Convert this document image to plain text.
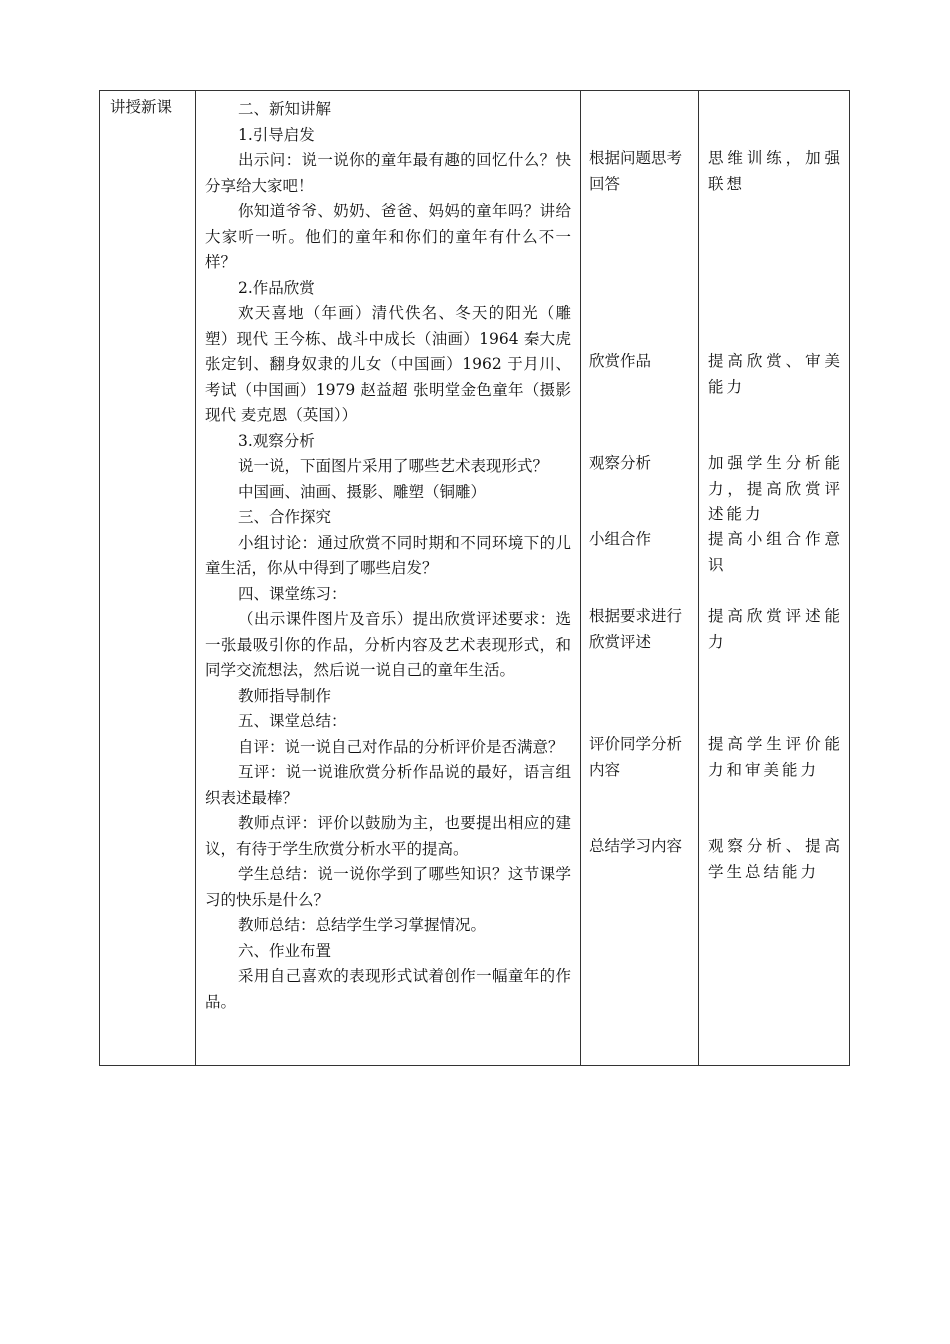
讲授新课	二、新知讲解

1.引导启发

出示问：说一说你的童年最有趣的回忆什么？快分享给大家吧！

你知道爷爷、奶奶、爸爸、妈妈的童年吗？讲给大家听一听。他们的童年和你们的童年有什么不一样？

2.作品欣赏

欢天喜地（年画）清代佚名、冬天的阳光（雕塑）现代 王今栋、战斗中成长（油画）1964 秦大虎 张定钊、翻身奴隶的儿女（中国画）1962 于月川、考试（中国画）1979 赵益超 张明堂金色童年（摄影现代 麦克恩（英国））

3.观察分析

说一说，下面图片采用了哪些艺术表现形式？

中国画、油画、摄影、雕塑（铜雕）

三、合作探究

小组讨论：通过欣赏不同时期和不同环境下的儿童生活，你从中得到了哪些启发？

四、课堂练习：

（出示课件图片及音乐）提出欣赏评述要求：选一张最吸引你的作品，分析内容及艺术表现形式，和同学交流想法，然后说一说自己的童年生活。

教师指导制作

五、课堂总结：

自评：说一说自己对作品的分析评价是否满意？

互评：说一说谁欣赏分析作品说的最好，语言组织表述最棒？

教师点评：评价以鼓励为主，也要提出相应的建议，有待于学生欣赏分析水平的提高。

学生总结：说一说你学到了哪些知识？这节课学习的快乐是什么？

教师总结：总结学生学习掌握情况。

六、作业布置

采用自己喜欢的表现形式试着创作一幅童年的作品。

根据问题思考回答

欣赏作品

观察分析

小组合作

根据要求进行欣赏评述

评价同学分析内容

总结学习内容

思维训练，加强联想

提高欣赏、审美能力

加强学生分析能力，提高欣赏评述能力

提高小组合作意识

提高欣赏评述能力

提高学生评价能力和审美能力

观察分析、提高学生总结能力
